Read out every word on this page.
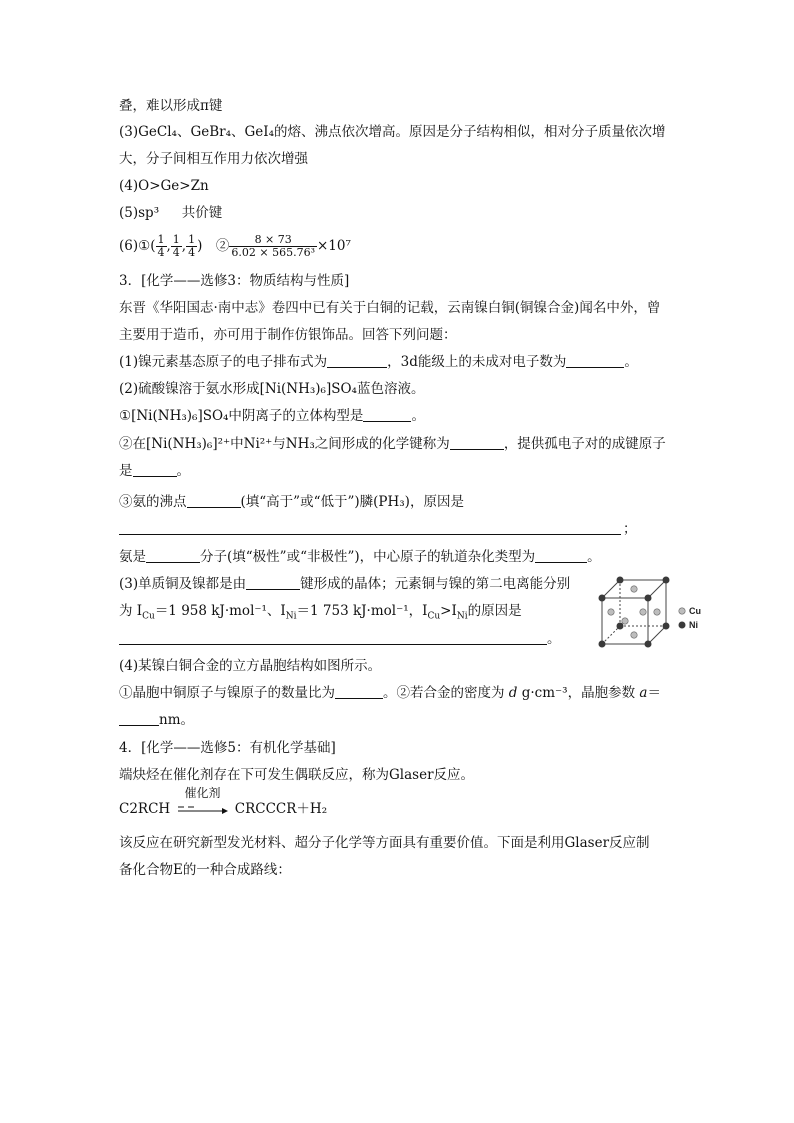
叠，难以形成π键
(3)GeCl₄、GeBr₄、GeI₄的熔、沸点依次增高。原因是分子结构相似，相对分子质量依次增
大，分子间相互作用力依次增强
(4)O>Ge>Zn
(5)sp³ 共价键
(6)①( $\frac{1}{4}$ , $\frac{1}{4}$ , $\frac{1}{4}$ )　② $\frac{8 \times 73}{\text{6.02 × 565.76³}} \times 10^7$
3．[化学——选修3：物质结构与性质]
东晋《华阳国志·南中志》卷四中已有关于白铜的记载，云南镍白铜(铜镍合金)闻名中外，曾
主要用于造币，亦可用于制作仿银饰品。回答下列问题：
(1)镍元素基态原子的电子排布式为	，3d能级上的未成对电子数为	。
(2)硫酸镍溶于氨水形成[Ni(NH₃)₆]SO₄蓝色溶液。
①[Ni(NH₃)₆]SO₄中阴离子的立体构型是	。
②在[Ni(NH₃)₆]²⁺中Ni²⁺与NH₃之间形成的化学键称为	，提供孤电子对的成键原子
是	。
③氨的沸点	(填“高于”或“低于”)膦(PH₃)，原因是
；
氨是	分子(填“极性”或“非极性”)，中心原子的轨道杂化类型为	。
(3)单质铜及镍都是由	键形成的晶体；元素铜与镍的第二电离能分别
为 $I_{Cu}=1$ 958 kJ·mol⁻¹、$I_{Ni}=1$ 753 kJ·mol⁻¹，$I_{Cu}>I_{Ni}$的原因是
。
Cu
Ni
(4)某镍白铜合金的立方晶胞结构如图所示。
①晶胞中铜原子与镍原子的数量比为	。②若合金的密度为 d g·cm⁻³，晶胞参数 a＝
nm。
4．[化学——选修5：有机化学基础]
端炔烃在催化剂存在下可发生偶联反应，称为Glaser反应。
C2RCH
催化剂
CRCCCR＋H₂
该反应在研究新型发光材料、超分子化学等方面具有重要价值。下面是利用Glaser反应制
备化合物E的一种合成路线：
